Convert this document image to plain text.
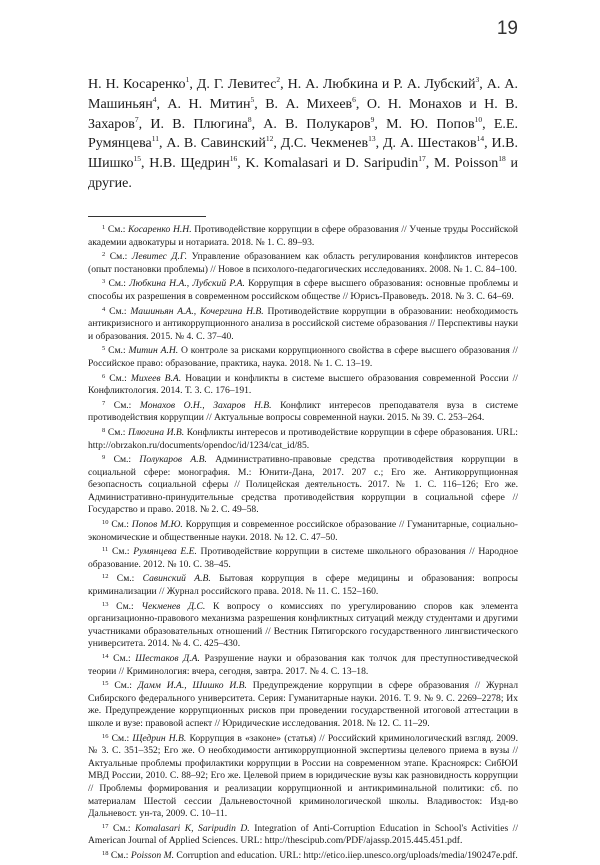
19
Н. Н. Косаренко$^1$, Д. Г. Левитес$^2$, Н. А. Любкина и Р. А. Лубский$^3$, А. А. Машиньян$^4$, А. Н. Митин$^5$, В. А. Михеев$^6$, О. Н. Монахов и Н. В. Захаров$^7$, И. В. Плюгина$^8$, А. В. Полукаров$^9$, М. Ю. Попов$^{10}$, Е.Е. Румянцева$^{11}$, А. В. Савинский$^{12}$, Д.С. Чекменев$^{13}$, Д. А. Шестаков$^{14}$, И.В. Шишко$^{15}$, Н.В. Щедрин$^{16}$, K. Komalasari и D. Saripudin$^{17}$, M. Poisson$^{18}$ и другие.

$^1$ См.: Косаренко Н.Н. Противодействие коррупции в сфере образования // Ученые труды Российской академии адвокатуры и нотариата. 2018. № 1. С. 89–93.

$^2$ См.: Левитес Д.Г. Управление образованием как область регулирования конфликтов интересов (опыт постановки проблемы) // Новое в психолого-педагогических исследованиях. 2008. № 1. С. 84–100.

$^3$ См.: Любкина Н.А., Лубский Р.А. Коррупция в сфере высшего образования: основные проблемы и способы их разрешения в современном российском обществе // Юрисъ-Правоведъ. 2018. № 3. С. 64–69.

$^4$ См.: Машиньян А.А., Кочергина Н.В. Противодействие коррупции в образовании: необходимость антикризисного и антикоррупционного анализа в российской системе образования // Перспективы науки и образования. 2015. № 4. С. 37–40.

$^5$ См.: Митин А.Н. О контроле за рисками коррупционного свойства в сфере высшего образования // Российское право: образование, практика, наука. 2018. № 1. С. 13–19.

$^6$ См.: Михеев В.А. Новации и конфликты в системе высшего образования современной России // Конфликтология. 2014. Т. 3. С. 176–191.

$^7$ См.: Монахов О.Н., Захаров Н.В. Конфликт интересов преподавателя вуза в системе противодействия коррупции // Актуальные вопросы современной науки. 2015. № 39. С. 253–264.

$^8$ См.: Плюгина И.В. Конфликты интересов и противодействие коррупции в сфере образования. URL: http://obrzakon.ru/documents/opendoc/id/1234/cat_id/85.

$^9$ См.: Полукаров А.В. Административно-правовые средства противодействия коррупции в социальной сфере: монография. М.: Юнити-Дана, 2017. 207 с.; Его же. Антикоррупционная безопасность социальной сферы // Полицейская деятельность. 2017. № 1. С. 116–126; Его же. Административно-принудительные средства противодействия коррупции в социальной сфере // Государство и право. 2018. № 2. С. 49–58.

$^{10}$ См.: Попов М.Ю. Коррупция и современное российское образование // Гуманитарные, социально-экономические и общественные науки. 2018. № 12. С. 47–50.

$^{11}$ См.: Румянцева Е.Е. Противодействие коррупции в системе школьного образования // Народное образование. 2012. № 10. С. 38–45.

$^{12}$ См.: Савинский А.В. Бытовая коррупция в сфере медицины и образования: вопросы криминализации // Журнал российского права. 2018. № 11. С. 152–160.

$^{13}$ См.: Чекменев Д.С. К вопросу о комиссиях по урегулированию споров как элемента организационно-правового механизма разрешения конфликтных ситуаций между студентами и другими участниками образовательных отношений // Вестник Пятигорского государственного лингвистического университета. 2014. № 4. С. 425–430.

$^{14}$ См.: Шестаков Д.А. Разрушение науки и образования как толчок для преступностиведческой теории // Криминология: вчера, сегодня, завтра. 2017. № 4. С. 13–18.

$^{15}$ См.: Дамм И.А., Шишко И.В. Предупреждение коррупции в сфере образования // Журнал Сибирского федерального университета. Серия: Гуманитарные науки. 2016. Т. 9. № 9. С. 2269–2278; Их же. Предупреждение коррупционных рисков при проведении государственной итоговой аттестации в школе и вузе: правовой аспект // Юридические исследования. 2018. № 12. С. 11–29.

$^{16}$ См.: Щедрин Н.В. Коррупция в «законе» (статья) // Российский криминологический взгляд. 2009. № 3. С. 351–352; Его же. О необходимости антикоррупционной экспертизы целевого приема в вузы // Актуальные проблемы профилактики коррупции в России на современном этапе. Красноярск: СибЮИ МВД России, 2010. С. 88–92; Его же. Целевой прием в юридические вузы как разновидность коррупции // Проблемы формирования и реализации коррупционной и антикриминальной политики: сб. по материалам Шестой сессии Дальневосточной криминологической школы. Владивосток: Изд-во Дальневост. ун-та, 2009. С. 10–11.

$^{17}$ См.: Komalasari K, Saripudin D. Integration of Anti-Corruption Education in School's Activities // American Journal of Applied Sciences. URL: http://thescipub.com/PDF/ajassp.2015.445.451.pdf.

$^{18}$ См.: Poisson M. Corruption and education. URL: http://etico.iiep.unesco.org/uploads/media/190247e.pdf.
